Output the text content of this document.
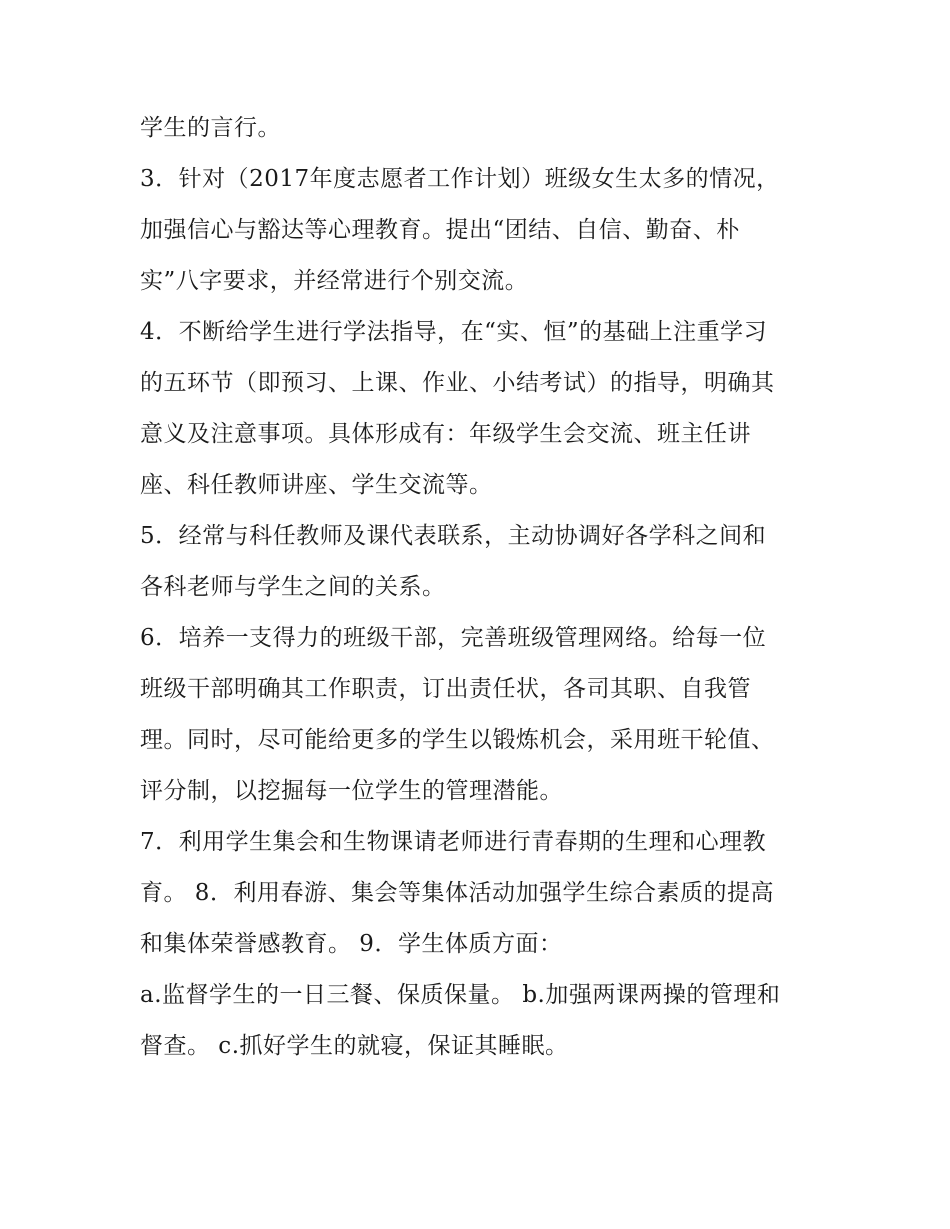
学生的言行。
3．针对（2017年度志愿者工作计划）班级女生太多的情况，
加强信心与豁达等心理教育。提出“团结、自信、勤奋、朴
实”八字要求，并经常进行个别交流。
4．不断给学生进行学法指导，在“实、恒”的基础上注重学习
的五环节（即预习、上课、作业、小结考试）的指导，明确其
意义及注意事项。具体形成有：年级学生会交流、班主任讲
座、科任教师讲座、学生交流等。
5．经常与科任教师及课代表联系，主动协调好各学科之间和
各科老师与学生之间的关系。
6．培养一支得力的班级干部，完善班级管理网络。给每一位
班级干部明确其工作职责，订出责任状，各司其职、自我管
理。同时，尽可能给更多的学生以锻炼机会，采用班干轮值、
评分制，以挖掘每一位学生的管理潜能。
7．利用学生集会和生物课请老师进行青春期的生理和心理教
育。 8．利用春游、集会等集体活动加强学生综合素质的提高
和集体荣誉感教育。 9．学生体质方面：
a.监督学生的一日三餐、保质保量。 b.加强两课两操的管理和
督查。 c.抓好学生的就寝，保证其睡眠。
